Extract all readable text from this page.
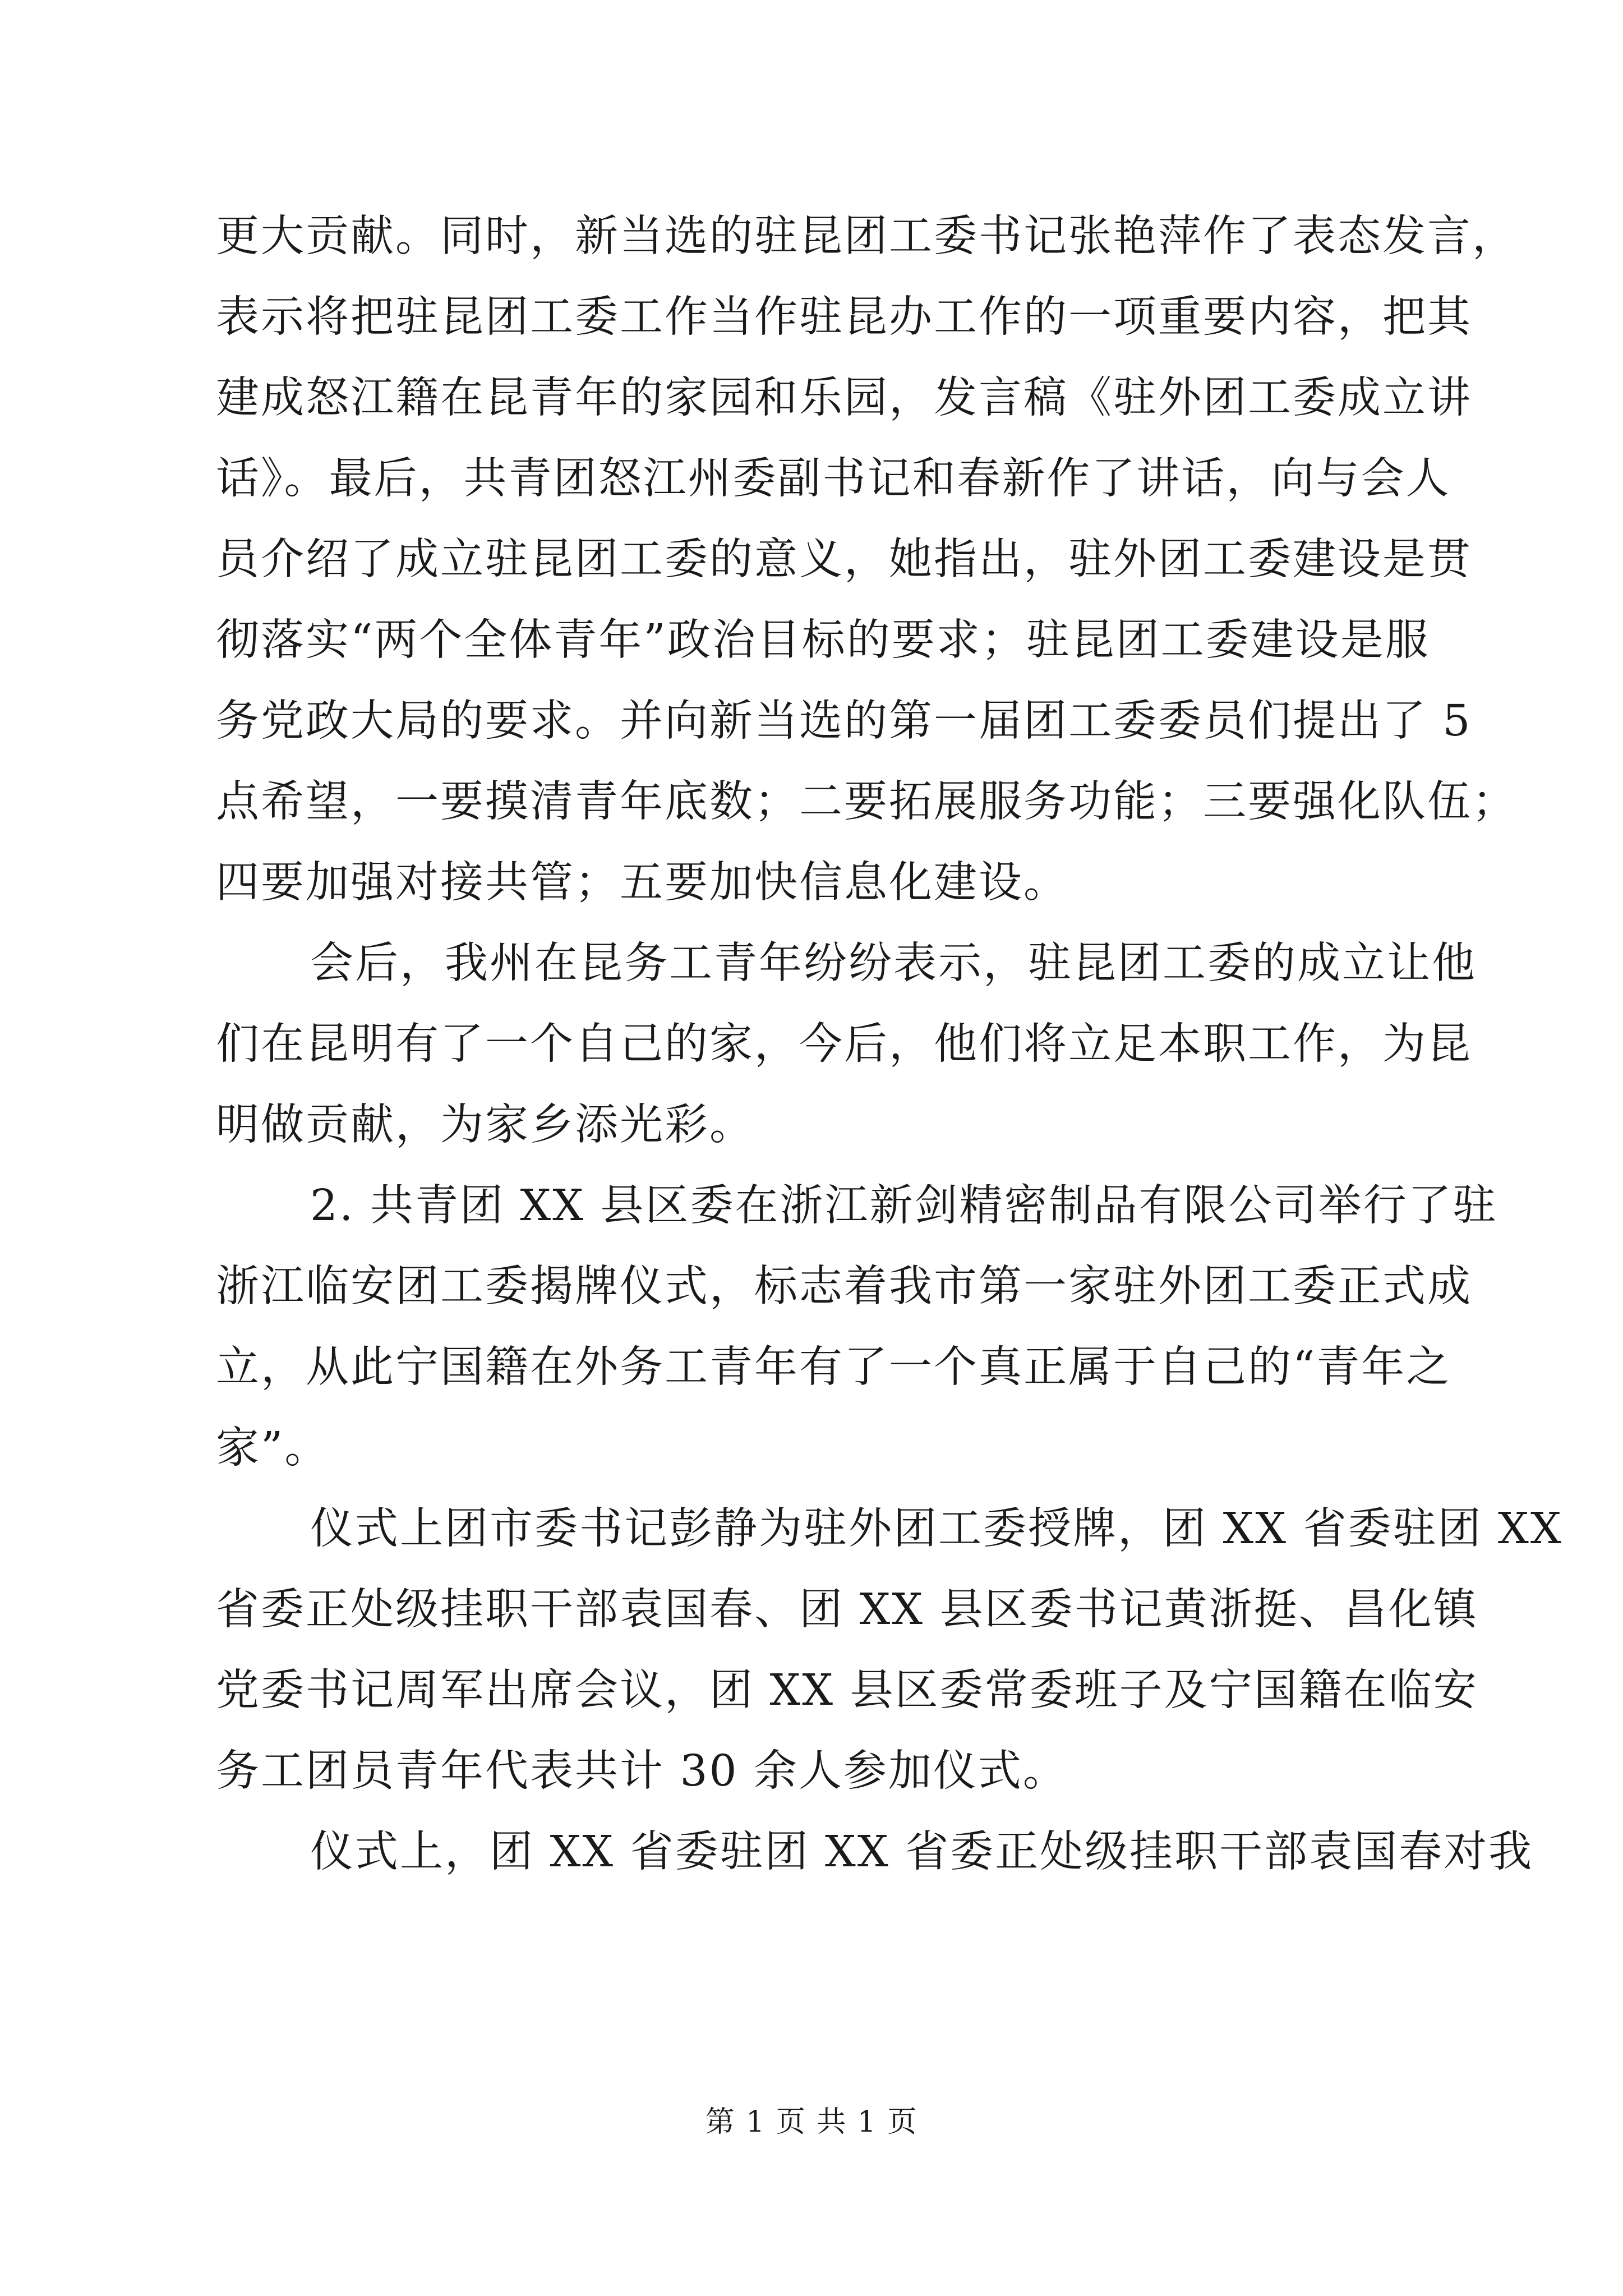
更大贡献。同时，新当选的驻昆团工委书记张艳萍作了表态发言，
表示将把驻昆团工委工作当作驻昆办工作的一项重要内容，把其
建成怒江籍在昆青年的家园和乐园，发言稿《驻外团工委成立讲
话》。最后，共青团怒江州委副书记和春新作了讲话，向与会人
员介绍了成立驻昆团工委的意义，她指出，驻外团工委建设是贯
彻落实“两个全体青年”政治目标的要求；驻昆团工委建设是服
务党政大局的要求。并向新当选的第一届团工委委员们提出了 5
点希望，一要摸清青年底数；二要拓展服务功能；三要强化队伍；
四要加强对接共管；五要加快信息化建设。

会后，我州在昆务工青年纷纷表示，驻昆团工委的成立让他
们在昆明有了一个自己的家，今后，他们将立足本职工作，为昆
明做贡献，为家乡添光彩。

2. 共青团 XX 县区委在浙江新剑精密制品有限公司举行了驻
浙江临安团工委揭牌仪式，标志着我市第一家驻外团工委正式成
立，从此宁国籍在外务工青年有了一个真正属于自己的“青年之
家”。

仪式上团市委书记彭静为驻外团工委授牌，团 XX 省委驻团 XX
省委正处级挂职干部袁国春、团 XX 县区委书记黄浙挺、昌化镇
党委书记周军出席会议，团 XX 县区委常委班子及宁国籍在临安
务工团员青年代表共计 30 余人参加仪式。

仪式上，团 XX 省委驻团 XX 省委正处级挂职干部袁国春对我

第 1 页 共 1 页
